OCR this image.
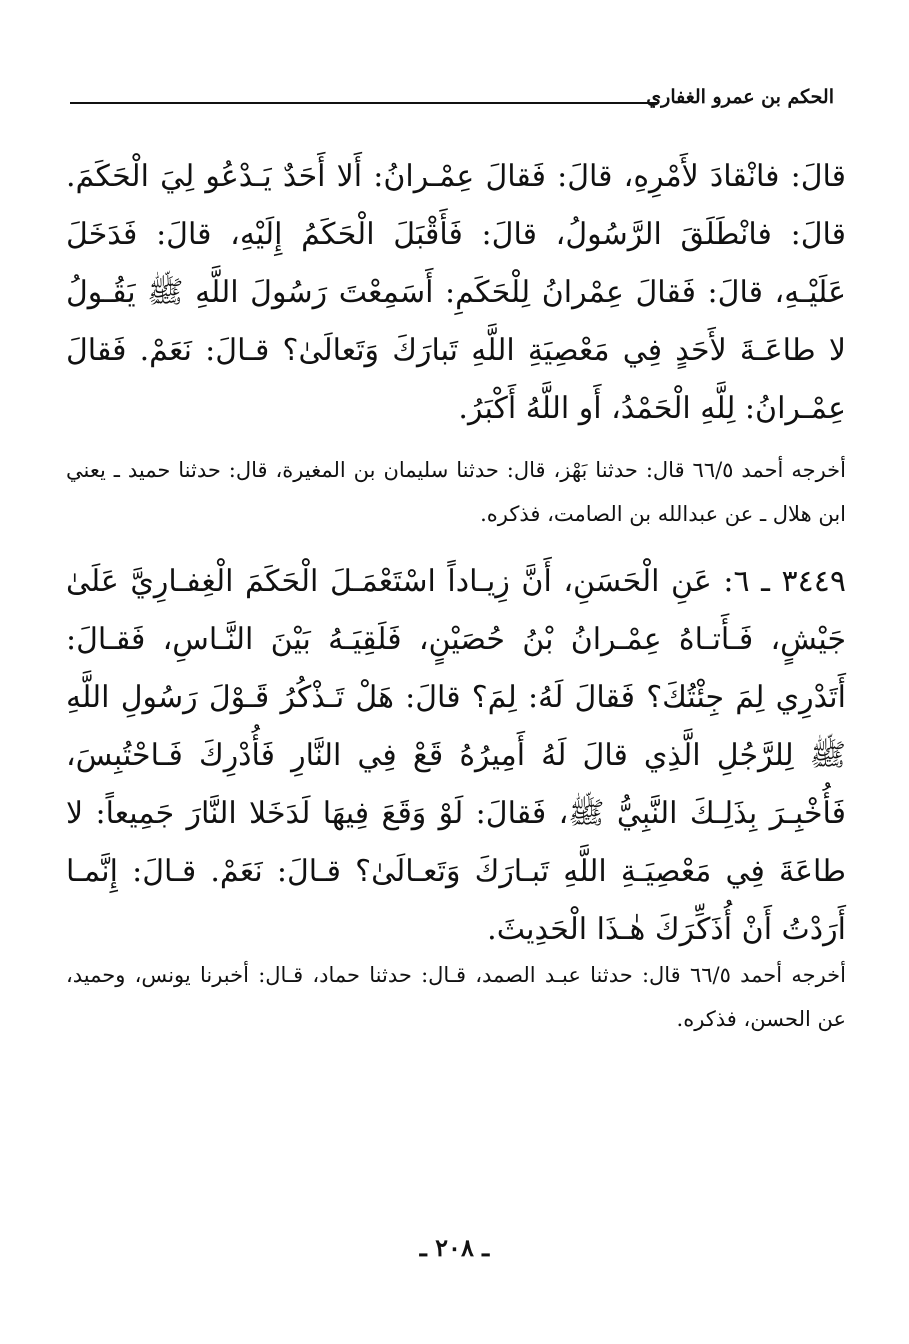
الحكم بن عمرو الغفاري

قالَ: فانْقادَ لأَمْرِهِ، قالَ: فَقالَ عِمْـرانُ: أَلا أَحَدٌ يَـدْعُو لِيَ الْحَكَمَ. قالَ: فانْطَلَقَ الرَّسُولُ، قالَ: فَأَقْبَلَ الْحَكَمُ إِلَيْهِ، قالَ: فَدَخَلَ عَلَيْـهِ، قالَ: فَقالَ عِمْرانُ لِلْحَكَمِ: أَسَمِعْتَ رَسُولَ اللَّهِ ﷺ يَقُـولُ لا طاعَـةَ لأَحَدٍ فِي مَعْصِيَةِ اللَّهِ تَبارَكَ وَتَعالَىٰ؟ قـالَ: نَعَمْ. فَقالَ عِمْـرانُ: لِلَّهِ الْحَمْدُ، أَو اللَّهُ أَكْبَرُ.

أخرجه أحمد ٦٦/٥ قال: حدثنا بَهْز، قال: حدثنا سليمان بن المغيرة، قال: حدثنا حميد ـ يعني ابن هلال ـ عن عبدالله بن الصامت، فذكره.

٣٤٤٩ ـ ٦: عَنِ الْحَسَنِ، أَنَّ زِيـاداً اسْتَعْمَـلَ الْحَكَمَ الْغِفـارِيَّ عَلَىٰ جَيْشٍ، فَـأَتـاهُ عِمْـرانُ بْنُ حُصَيْنٍ، فَلَقِيَـهُ بَيْنَ النَّـاسِ، فَقـالَ: أَتَدْرِي لِمَ جِئْتُكَ؟ فَقالَ لَهُ: لِمَ؟ قالَ: هَلْ تَـذْكُرُ قَـوْلَ رَسُولِ اللَّهِ ﷺ لِلرَّجُلِ الَّذِي قالَ لَهُ أَمِيرُهُ قَعْ فِي النَّارِ فَأُدْرِكَ فَـاحْتُبِسَ، فَأُخْبِـرَ بِذَلِـكَ النَّبِيُّ ﷺ، فَقالَ: لَوْ وَقَعَ فِيهَا لَدَخَلا النَّارَ جَمِيعاً: لا طاعَةَ فِي مَعْصِيَـةِ اللَّهِ تَبـارَكَ وَتَعـالَىٰ؟ قـالَ: نَعَمْ. قـالَ: إِنَّمـا أَرَدْتُ أَنْ أُذَكِّرَكَ هٰـذَا الْحَدِيثَ.

أخرجه أحمد ٦٦/٥ قال: حدثنا عبـد الصمد، قـال: حدثنا حماد، قـال: أخبرنا يونس، وحميد، عن الحسن، فذكره.

ـ ٢٠٨ ـ
